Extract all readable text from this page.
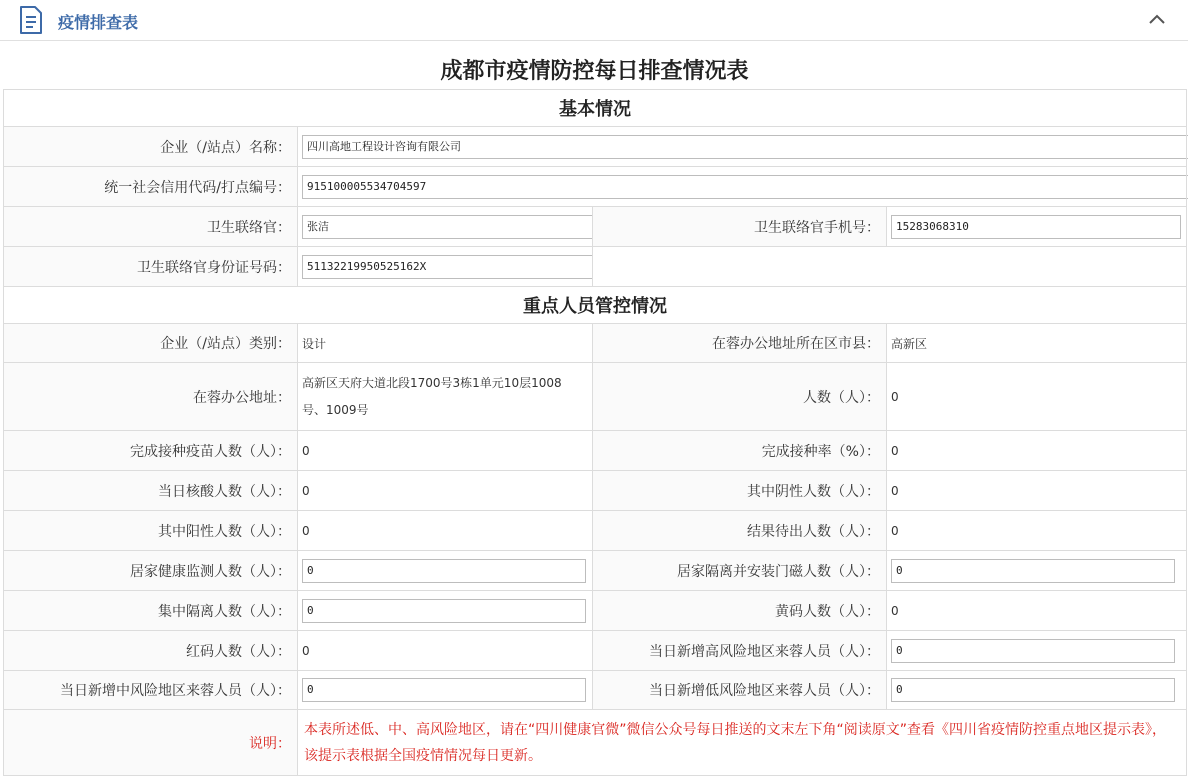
疫情排查表
成都市疫情防控每日排查情况表
基本情况			
企业（/站点）名称：	四川高地工程设计咨询有限公司		

统一社会信用代码/打点编号：	915100005534704597		

卫生联络官：	张洁	卫生联络官手机号：	15283068310

卫生联络官身份证号码：	51132219950525162X		

重点人员管控情况			
企业（/站点）类别：	设计	在蓉办公地址所在区市县：	高新区
在蓉办公地址：	高新区天府大道北段1700号3栋1单元10层1008号、1009号	人数（人）：	0
完成接种疫苗人数（人）：	0	完成接种率（%）：	0
当日核酸人数（人）：	0	其中阴性人数（人）：	0
其中阳性人数（人）：	0	结果待出人数（人）：	0
居家健康监测人数（人）：	0	居家隔离并安装门磁人数（人）：	0

集中隔离人数（人）：	0	黄码人数（人）：	0
红码人数（人）：	0	当日新增高风险地区来蓉人员（人）：	0

当日新增中风险地区来蓉人员（人）：	0	当日新增低风险地区来蓉人员（人）：	0

说明：	本表所述低、中、高风险地区，请在“四川健康官微”微信公众号每日推送的文末左下角“阅读原文”查看《四川省疫情防控重点地区提示表》，该提示表根据全国疫情情况每日更新。		
